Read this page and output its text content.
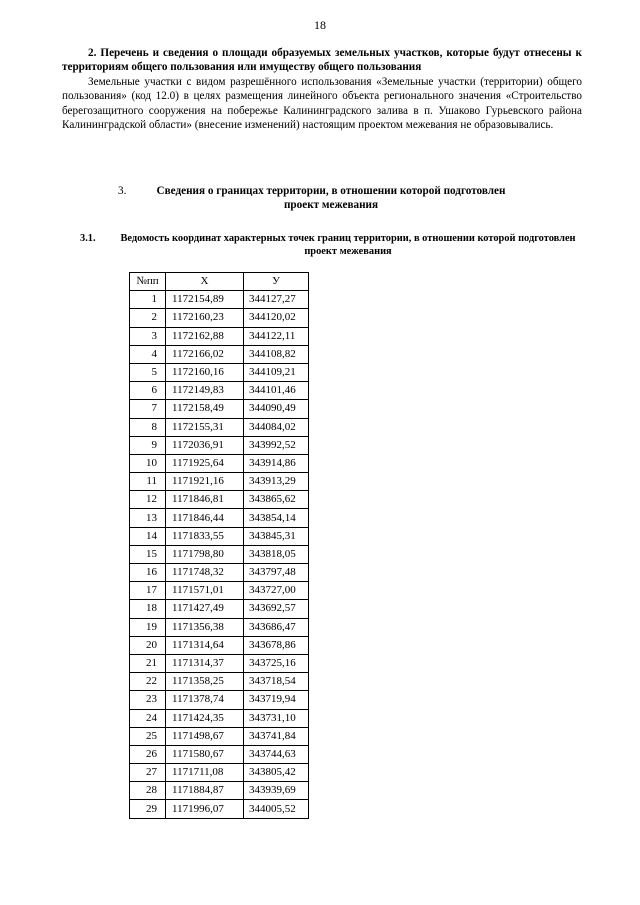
18

2. Перечень и сведения о площади образуемых земельных участков, которые будут отнесены к территориям общего пользования или имуществу общего пользования

Земельные участки с видом разрешённого использования «Земельные участки (территории) общего пользования» (код 12.0) в целях размещения линейного объекта регионального значения «Строительство берегозащитного сооружения на побережье Калининградского залива в п. Ушаково Гурьевского района Калининградской области» (внесение изменений) настоящим проектом межевания не образовывались.

3.	Сведения о границах территории, в отношении которой подготовлен проект межевания
3.1. Ведомость координат характерных точек границ территории, в отношении которой подготовлен проект межевания
№пп	X	У
1	1172154,89	344127,27
2	1172160,23	344120,02
3	1172162,88	344122,11
4	1172166,02	344108,82
5	1172160,16	344109,21
6	1172149,83	344101,46
7	1172158,49	344090,49
8	1172155,31	344084,02
9	1172036,91	343992,52
10	1171925,64	343914,86
11	1171921,16	343913,29
12	1171846,81	343865,62
13	1171846,44	343854,14
14	1171833,55	343845,31
15	1171798,80	343818,05
16	1171748,32	343797,48
17	1171571,01	343727,00
18	1171427,49	343692,57
19	1171356,38	343686,47
20	1171314,64	343678,86
21	1171314,37	343725,16
22	1171358,25	343718,54
23	1171378,74	343719,94
24	1171424,35	343731,10
25	1171498,67	343741,84
26	1171580,67	343744,63
27	1171711,08	343805,42
28	1171884,87	343939,69
29	1171996,07	344005,52
